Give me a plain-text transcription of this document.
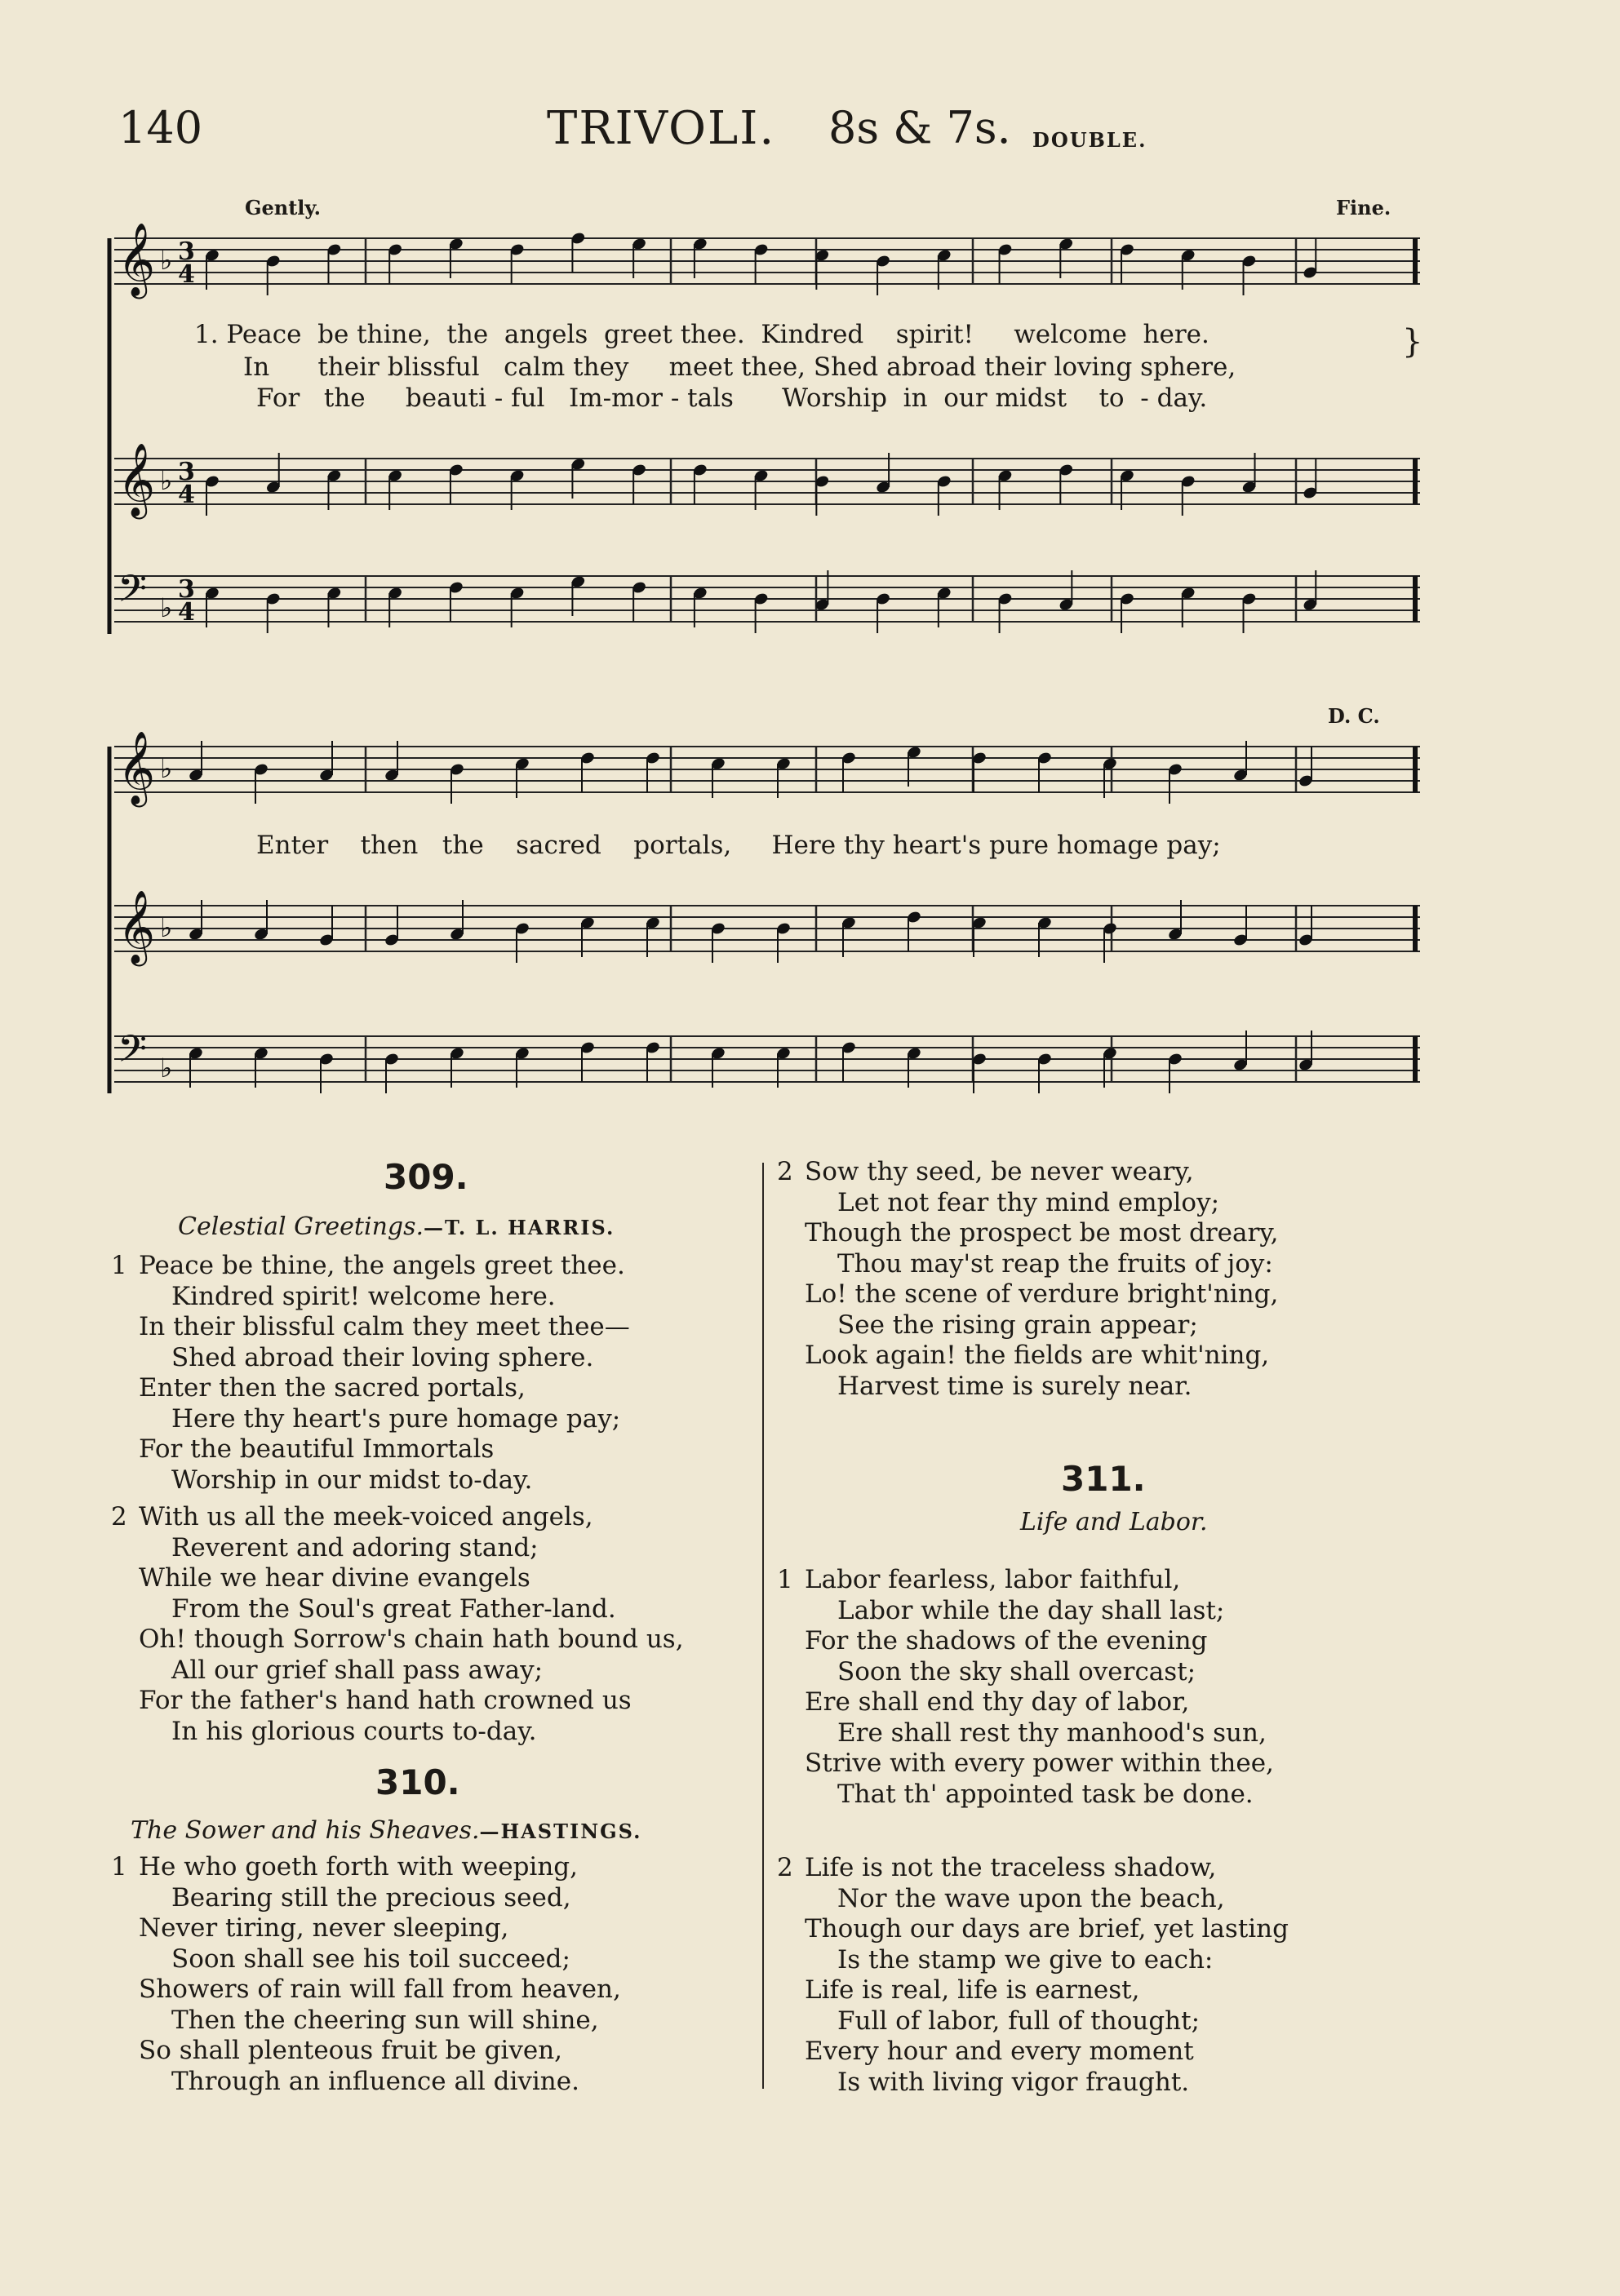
140	TRIVOLI. 8s & 7s. DOUBLE.
Gently.	Fine.
D. C.
𝄞 ♭ 3
4
𝄞 ♭ 3
4
𝄢 ♭
3
4
𝄞 ♭
𝄞 ♭
𝄢 ♭
1. Peace  be thine,  the  angels  greet thee.  Kindred    spirit!     welcome  here.
In      their blissful   calm they     meet thee, Shed abroad their loving sphere,
For   the     beauti - ful   Im-mor - tals      Worship  in  our midst    to  - day.
}
Enter    then   the    sacred    portals,     Here thy heart's pure homage pay;
309.
Celestial Greetings.—T. L. HARRIS.
1 Peace be thine, the angels greet thee.
Kindred spirit! welcome here.
In their blissful calm they meet thee—
Shed abroad their loving sphere.
Enter then the sacred portals,
Here thy heart's pure homage pay;
For the beautiful Immortals
Worship in our midst to-day.
2 With us all the meek-voiced angels,
Reverent and adoring stand;
While we hear divine evangels
From the Soul's great Father-land.
Oh! though Sorrow's chain hath bound us,
All our grief shall pass away;
For the father's hand hath crowned us
In his glorious courts to-day.
310.
The Sower and his Sheaves.—HASTINGS.
1 He who goeth forth with weeping,
Bearing still the precious seed,
Never tiring, never sleeping,
Soon shall see his toil succeed;
Showers of rain will fall from heaven,
Then the cheering sun will shine,
So shall plenteous fruit be given,
Through an influence all divine.
2 Sow thy seed, be never weary,
Let not fear thy mind employ;
Though the prospect be most dreary,
Thou may'st reap the fruits of joy:
Lo! the scene of verdure bright'ning,
See the rising grain appear;
Look again! the fields are whit'ning,
Harvest time is surely near.
311.
Life and Labor.
1 Labor fearless, labor faithful,
Labor while the day shall last;
For the shadows of the evening
Soon the sky shall overcast;
Ere shall end thy day of labor,
Ere shall rest thy manhood's sun,
Strive with every power within thee,
That th' appointed task be done.
2 Life is not the traceless shadow,
Nor the wave upon the beach,
Though our days are brief, yet lasting
Is the stamp we give to each:
Life is real, life is earnest,
Full of labor, full of thought;
Every hour and every moment
Is with living vigor fraught.
